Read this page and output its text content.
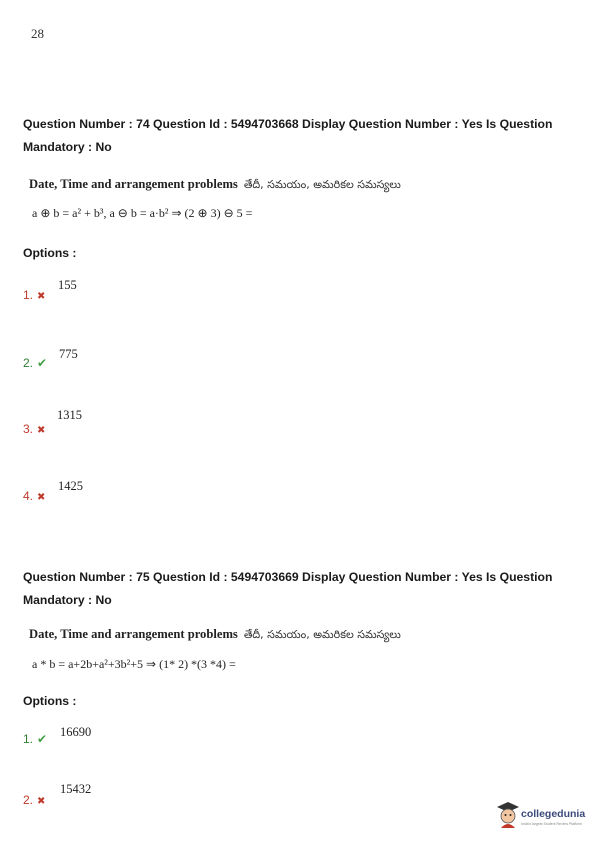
28
Question Number : 74 Question Id : 5494703668 Display Question Number : Yes Is Question Mandatory : No
Date, Time and arrangement problems తేదీ, సమయం, అమరికల సమస్యలు
a ⊕ b = a² + b³, a ⊖ b = a·b² ⇒ (2 ⊕ 3) ⊖ 5 =
Options :
1. ✖
155
2. ✔
775
3. ✖
1315
4. ✖
1425
Question Number : 75 Question Id : 5494703669 Display Question Number : Yes Is Question Mandatory : No
Date, Time and arrangement problems తేదీ, సమయం, అమరికల సమస్యలు
a * b = a+2b+a²+3b²+5 ⇒ (1* 2) *(3 *4) =
Options :
1. ✔ 16690
2. ✖
15432
collegedunia
India's largest Student Review Platform
